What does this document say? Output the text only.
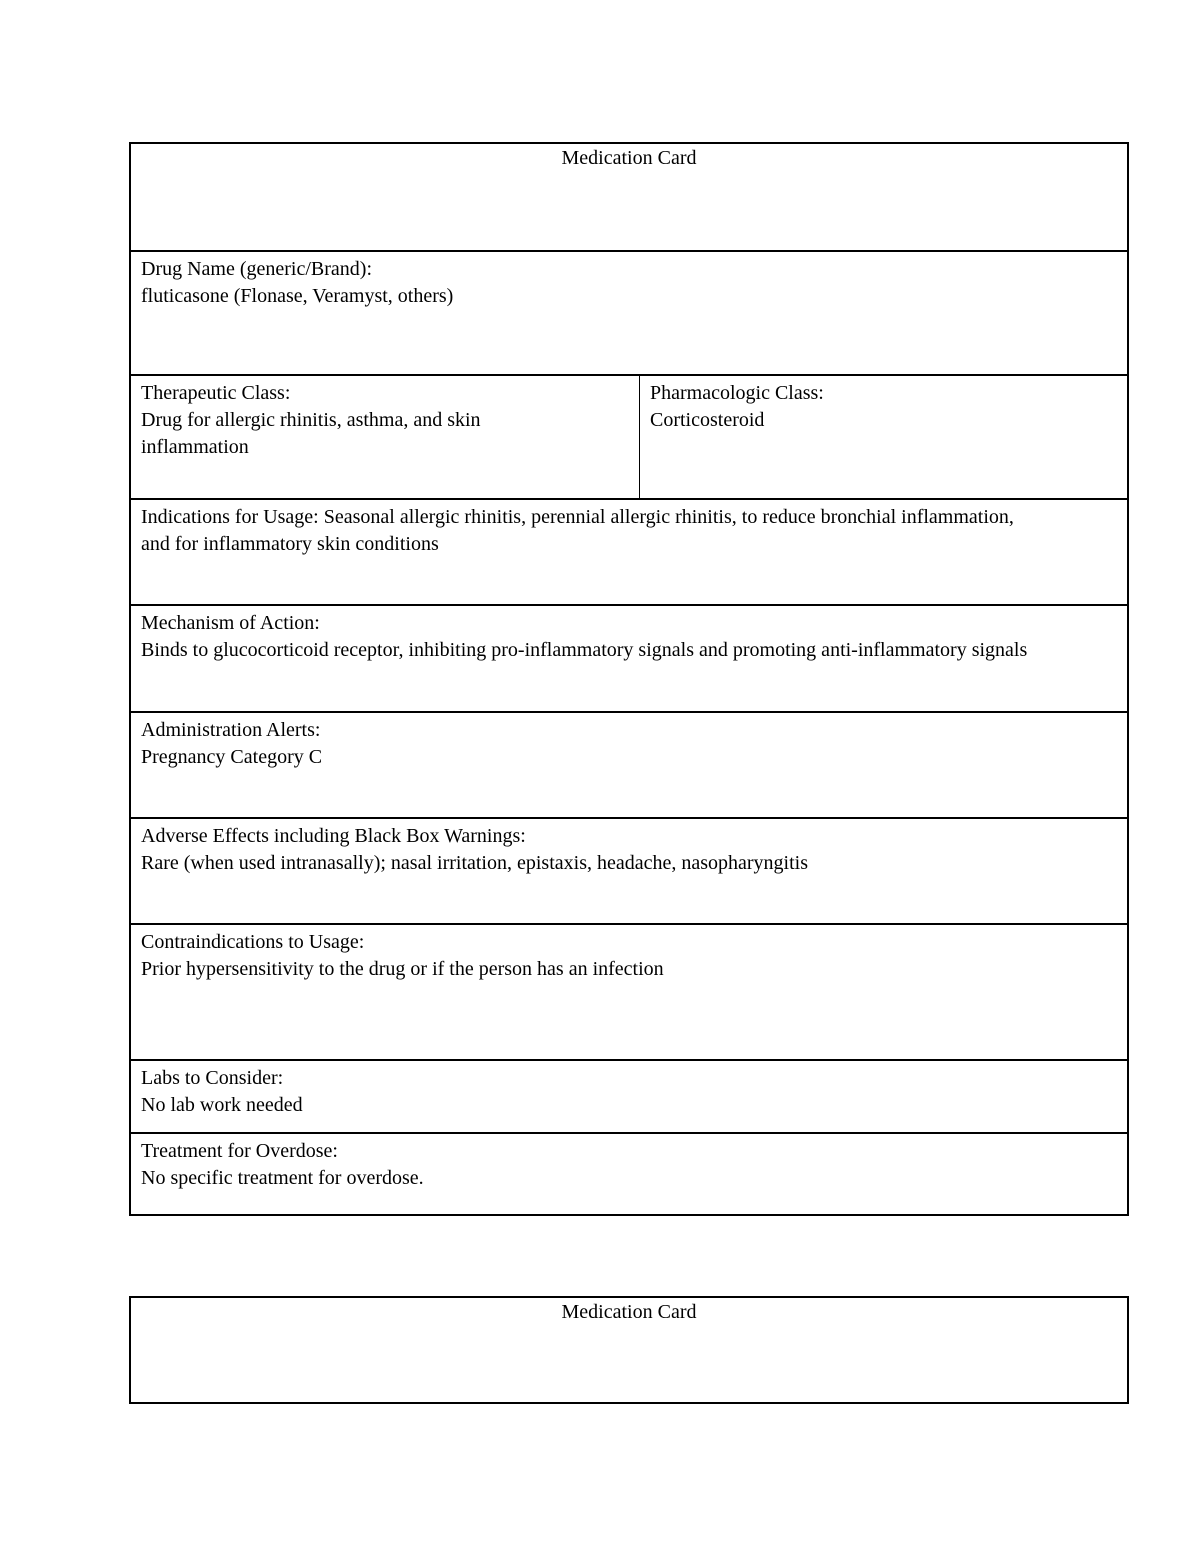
Medication Card
Drug Name (generic/Brand):
fluticasone (Flonase, Veramyst, others)
Therapeutic Class:
Drug for allergic rhinitis, asthma, and skin inflammation
Pharmacologic Class:
Corticosteroid
Indications for Usage: Seasonal allergic rhinitis, perennial allergic rhinitis, to reduce bronchial inflammation, and for inflammatory skin conditions
Mechanism of Action:
Binds to glucocorticoid receptor, inhibiting pro-inflammatory signals and promoting anti-inflammatory signals
Administration Alerts:
Pregnancy Category C
Adverse Effects including Black Box Warnings:
Rare (when used intranasally); nasal irritation, epistaxis, headache, nasopharyngitis
Contraindications to Usage:
Prior hypersensitivity to the drug or if the person has an infection
Labs to Consider:
No lab work needed
Treatment for Overdose:
No specific treatment for overdose.
Medication Card
